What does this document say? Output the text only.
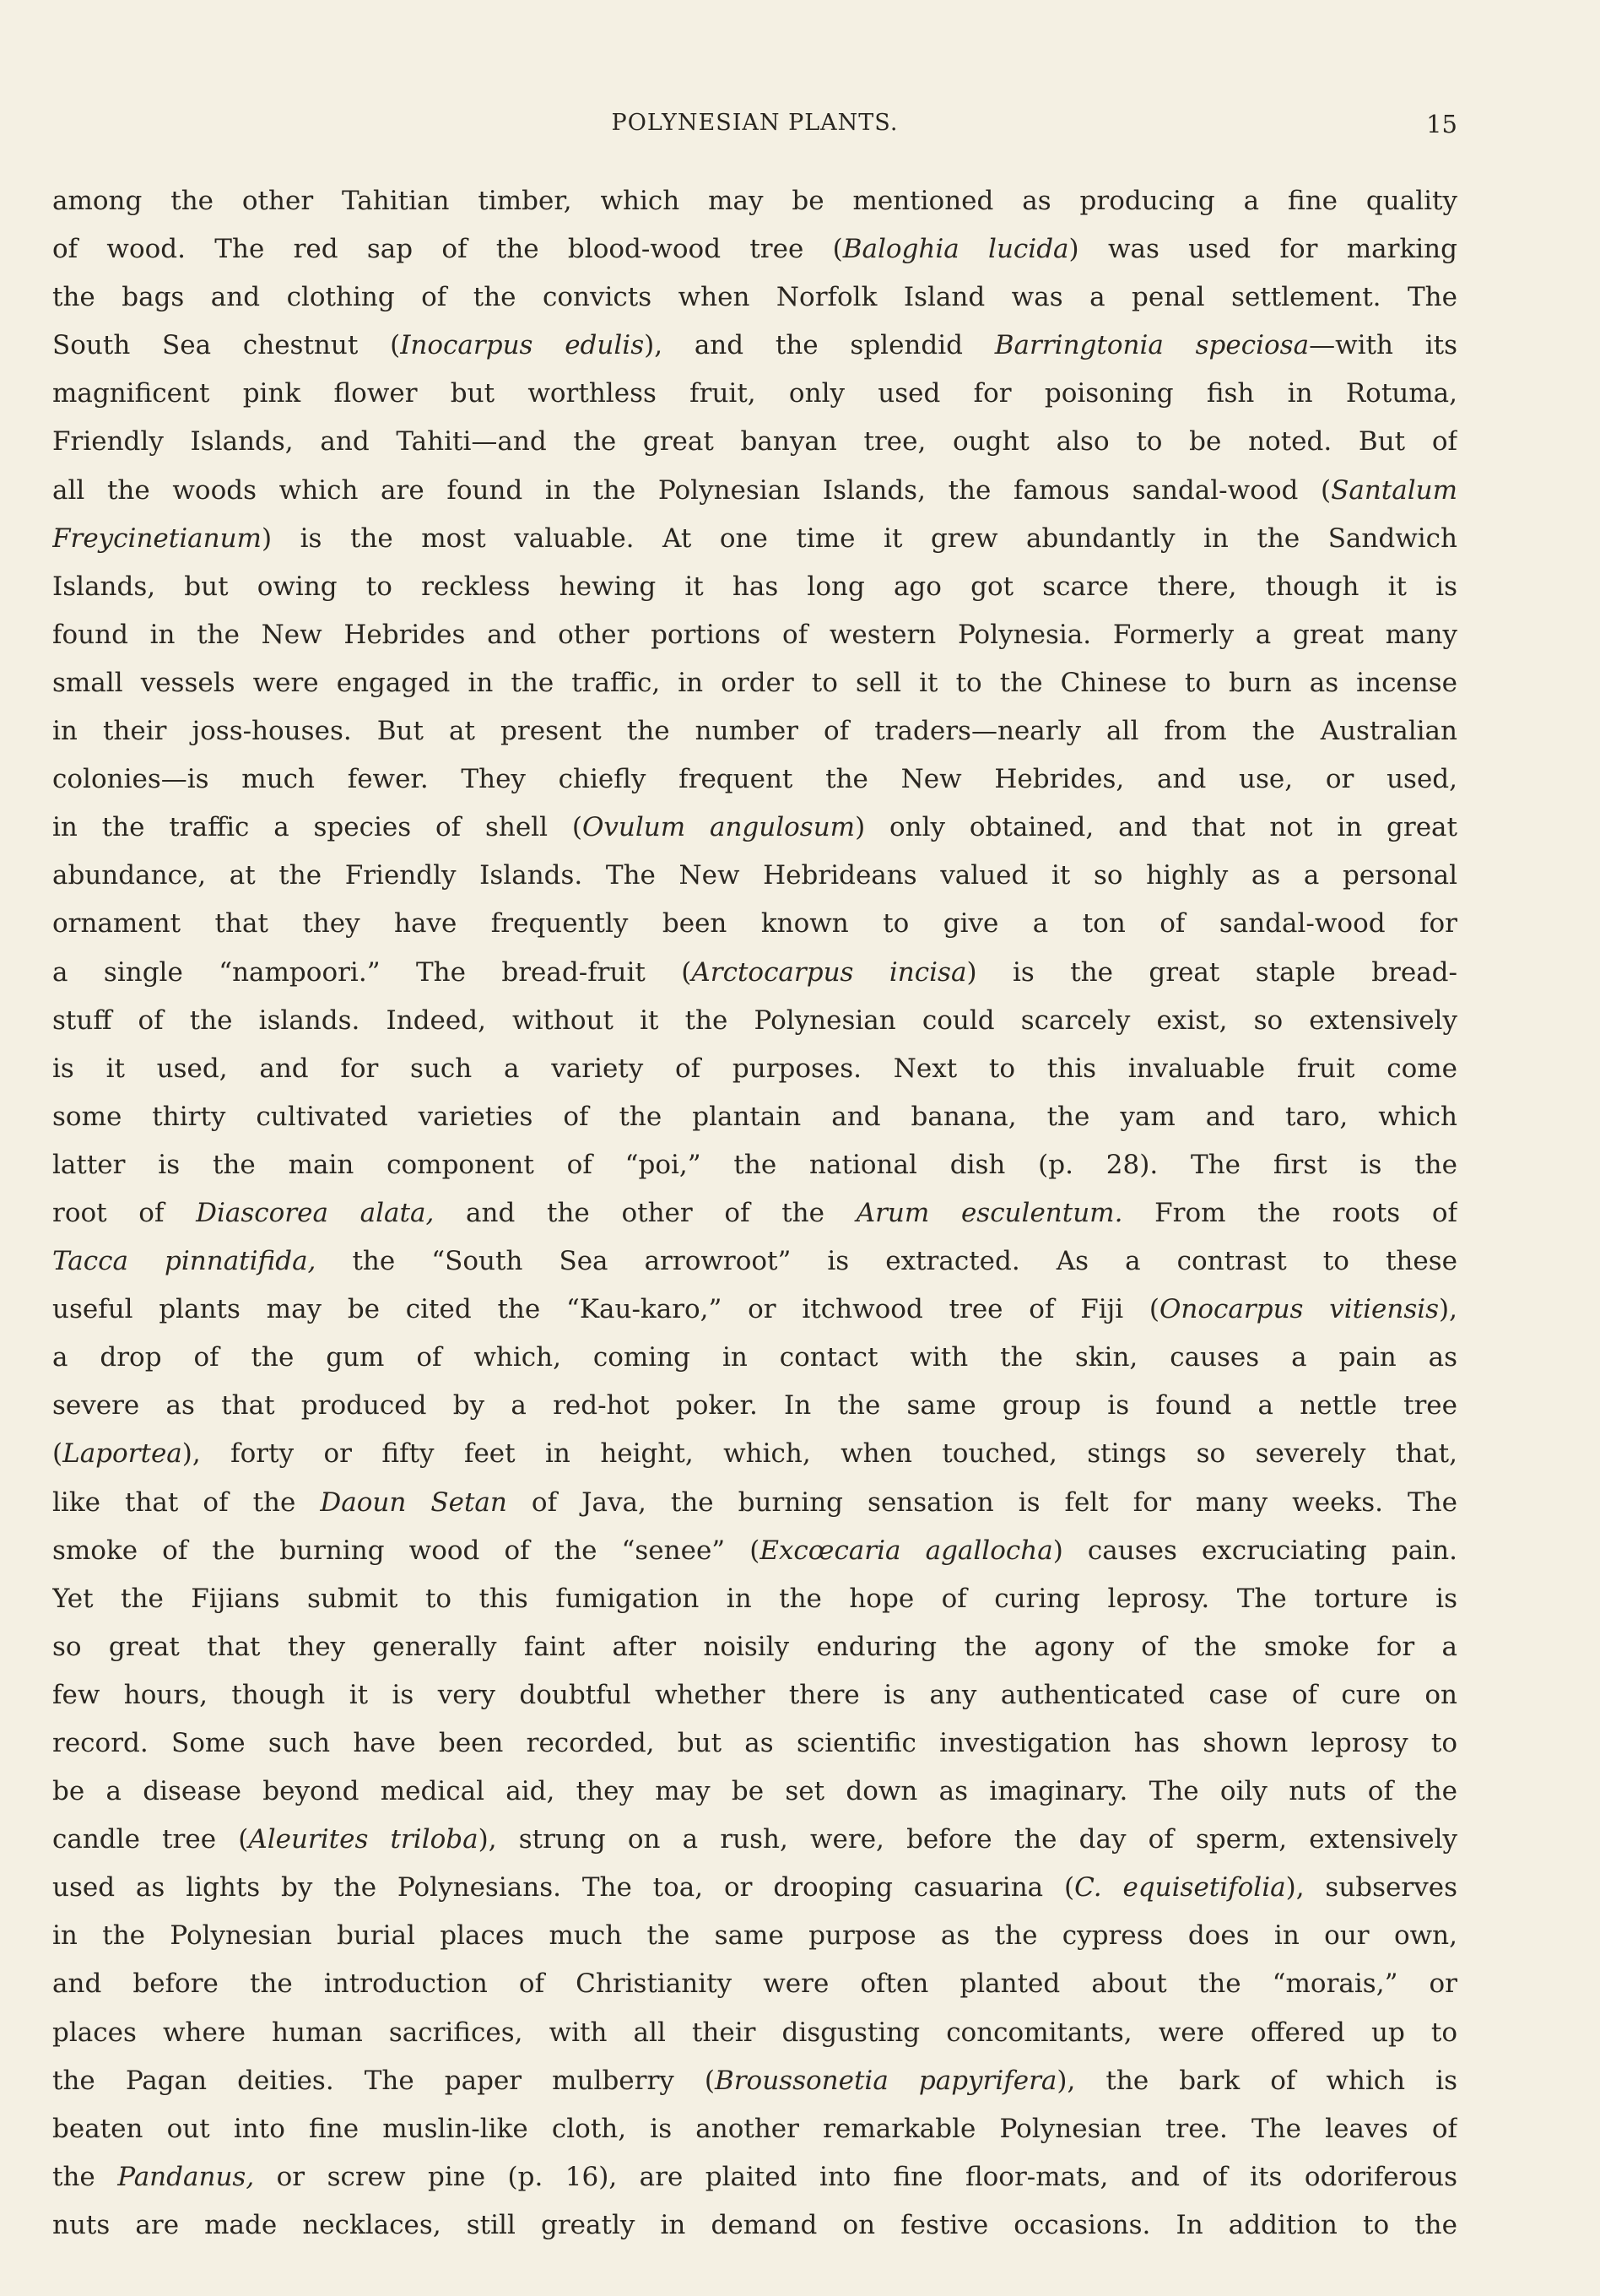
POLYNESIAN PLANTS.	15
among the other Tahitian timber, which may be mentioned as producing a fine quality
of wood. The red sap of the blood-wood tree (Baloghia lucida) was used for marking
the bags and clothing of the convicts when Norfolk Island was a penal settlement. The
South Sea chestnut (Inocarpus edulis), and the splendid Barringtonia speciosa—with its
magnificent pink flower but worthless fruit, only used for poisoning fish in Rotuma,
Friendly Islands, and Tahiti—and the great banyan tree, ought also to be noted. But of
all the woods which are found in the Polynesian Islands, the famous sandal-wood (Santalum
Freycinetianum) is the most valuable. At one time it grew abundantly in the Sandwich
Islands, but owing to reckless hewing it has long ago got scarce there, though it is
found in the New Hebrides and other portions of western Polynesia. Formerly a great many
small vessels were engaged in the traffic, in order to sell it to the Chinese to burn as incense
in their joss-houses. But at present the number of traders—nearly all from the Australian
colonies—is much fewer. They chiefly frequent the New Hebrides, and use, or used,
in the traffic a species of shell (Ovulum angulosum) only obtained, and that not in great
abundance, at the Friendly Islands. The New Hebrideans valued it so highly as a personal
ornament that they have frequently been known to give a ton of sandal-wood for
a single “nampoori.” The bread-fruit (Arctocarpus incisa) is the great staple bread-
stuff of the islands. Indeed, without it the Polynesian could scarcely exist, so extensively
is it used, and for such a variety of purposes. Next to this invaluable fruit come
some thirty cultivated varieties of the plantain and banana, the yam and taro, which
latter is the main component of “poi,” the national dish (p. 28). The first is the
root of Diascorea alata, and the other of the Arum esculentum. From the roots of
Tacca pinnatifida, the “South Sea arrowroot” is extracted. As a contrast to these
useful plants may be cited the “Kau-karo,” or itchwood tree of Fiji (Onocarpus vitiensis),
a drop of the gum of which, coming in contact with the skin, causes a pain as
severe as that produced by a red-hot poker. In the same group is found a nettle tree
(Laportea), forty or fifty feet in height, which, when touched, stings so severely that,
like that of the Daoun Setan of Java, the burning sensation is felt for many weeks. The
smoke of the burning wood of the “senee” (Excœcaria agallocha) causes excruciating pain.
Yet the Fijians submit to this fumigation in the hope of curing leprosy. The torture is
so great that they generally faint after noisily enduring the agony of the smoke for a
few hours, though it is very doubtful whether there is any authenticated case of cure on
record. Some such have been recorded, but as scientific investigation has shown leprosy to
be a disease beyond medical aid, they may be set down as imaginary. The oily nuts of the
candle tree (Aleurites triloba), strung on a rush, were, before the day of sperm, extensively
used as lights by the Polynesians. The toa, or drooping casuarina (C. equisetifolia), subserves
in the Polynesian burial places much the same purpose as the cypress does in our own,
and before the introduction of Christianity were often planted about the “morais,” or
places where human sacrifices, with all their disgusting concomitants, were offered up to
the Pagan deities. The paper mulberry (Broussonetia papyrifera), the bark of which is
beaten out into fine muslin-like cloth, is another remarkable Polynesian tree. The leaves of
the Pandanus, or screw pine (p. 16), are plaited into fine floor-mats, and of its odoriferous
nuts are made necklaces, still greatly in demand on festive occasions. In addition to the
